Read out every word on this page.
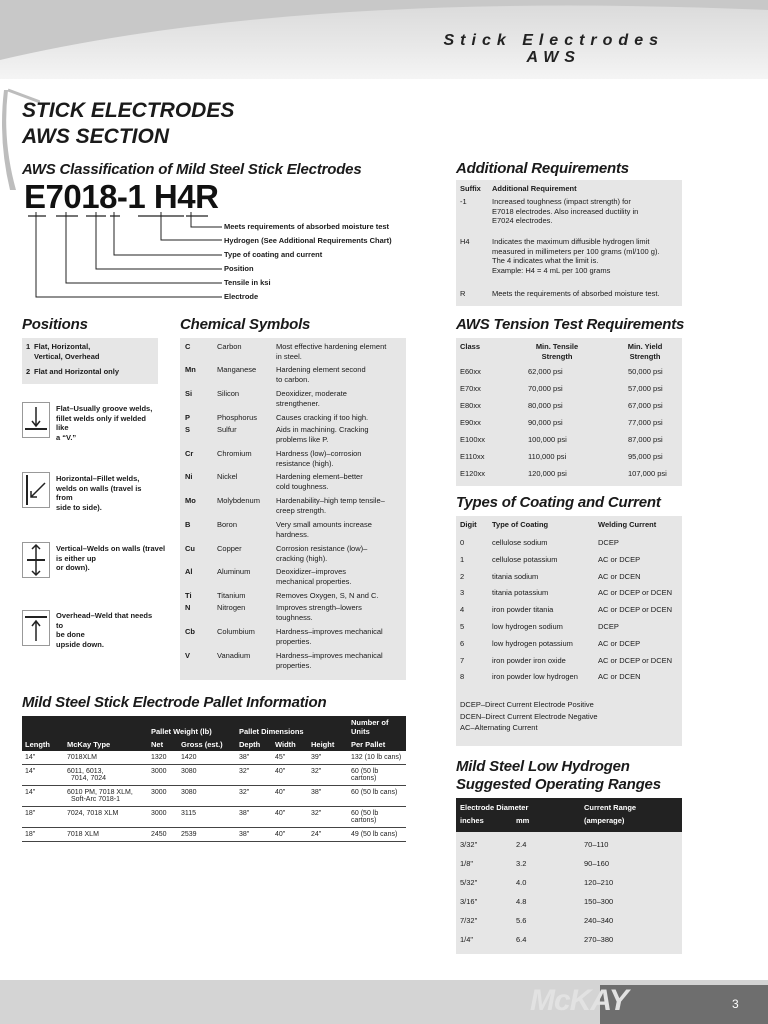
Stick Electrodes
AWS
STICK ELECTRODES
AWS SECTION
AWS Classification of Mild Steel Stick Electrodes
E7018-1 H4R
Meets requirements of absorbed moisture test
Hydrogen (See Additional Requirements Chart)
Type of coating and current
Position
Tensile in ksi
Electrode
Additional Requirements
Suffix Additional Requirement
-1	Increased toughness (impact strength) for
E7018 electrodes. Also increased ductility in
E7024 electrodes.
H4	Indicates the maximum diffusible hydrogen limit
measured in millimeters per 100 grams (ml/100 g).
The 4 indicates what the limit is.
Example: H4 = 4 mL per 100 grams
R	Meets the requirements of absorbed moisture test.
Positions
1 Flat, Horizontal,
Vertical, Overhead
2 Flat and Horizontal only
Flat–Usually groove welds,
fillet welds only if welded like
a “V.”
Horizontal–Fillet welds,
welds on walls (travel is from
side to side).
Vertical–Welds on walls (travel
is either up
or down).
Overhead–Weld that needs to
be done
upside down.
Chemical Symbols
C	Carbon	Most effective hardening element
in steel.
Mn	Manganese	Hardening element second
to carbon.
Si	Silicon	Deoxidizer, moderate
strengthener.
P	Phosphorus	Causes cracking if too high.
S	Sulfur	Aids in machining. Cracking
problems like P.
Cr	Chromium	Hardness (low)–corrosion
resistance (high).
Ni	Nickel	Hardening element–better
cold toughness.
Mo	Molybdenum Hardenability–high temp tensile–
creep strength.
B	Boron	Very small amounts increase
hardness.
Cu	Copper	Corrosion resistance (low)–
cracking (high).
Al	Aluminum	Deoxidizer–improves
mechanical properties.
Ti	Titanium	Removes Oxygen, S, N and C.
N	Nitrogen	Improves strength–lowers
toughness.
Cb	Columbium	Hardness–improves mechanical
properties.
V	Vanadium	Hardness–improves mechanical
properties.
AWS Tension Test Requirements
Class	Min. Tensile
Strength
Min. Yield
Strength
E60xx	62,000 psi	50,000 psi
E70xx	70,000 psi	57,000 psi
E80xx	80,000 psi	67,000 psi
E90xx	90,000 psi	77,000 psi
E100xx	100,000 psi	87,000 psi
E110xx	110,000 psi	95,000 psi
E120xx	120,000 psi	107,000 psi
Types of Coating and Current
Digit Type of Coating	Welding Current
0	cellulose sodium	DCEP
1	cellulose potassium	AC or DCEP
2	titania sodium	AC or DCEN
3	titania potassium	AC or DCEP or DCEN
4	iron powder titania	AC or DCEP or DCEN
5	low hydrogen sodium	DCEP
6	low hydrogen potassium	AC or DCEP
7	iron powder iron oxide	AC or DCEP or DCEN
8	iron powder low hydrogen	AC or DCEN
DCEP–Direct Current Electrode Positive
DCEN–Direct Current Electrode Negative
AC–Alternating Current
Mild Steel Stick Electrode Pallet Information
		Pallet Weight (lb)		Pallet Dimensions			Number of Units
Length	McKay Type	Net	Gross (est.)	Depth	Width	Height	Per Pallet
14"	7018XLM	1320	1420	38"	45"	39"	132 (10 lb cans)
14"	6011, 6013,
7014, 7024	3000	3080	32"	40"	32"	60 (50 lb cartons)
14"	6010 PM, 7018 XLM,
Soft-Arc 7018-1	3000	3080	32"	40"	38"	60 (50 lb cans)
18"	7024, 7018 XLM	3000	3115	38"	40"	32"	60 (50 lb cartons)
18"	7018 XLM	2450	2539	38"	40"	24"	49 (50 lb cans)
Mild Steel Low Hydrogen
Suggested Operating Ranges
Electrode Diameter
inches	mm
Current Range
(amperage)
3/32"	2.4	70–110
1/8"	3.2	90–160
5/32"	4.0	120–210
3/16"	4.8	150–300
7/32"	5.6	240–340
1/4"	6.4	270–380
McKAY	3
